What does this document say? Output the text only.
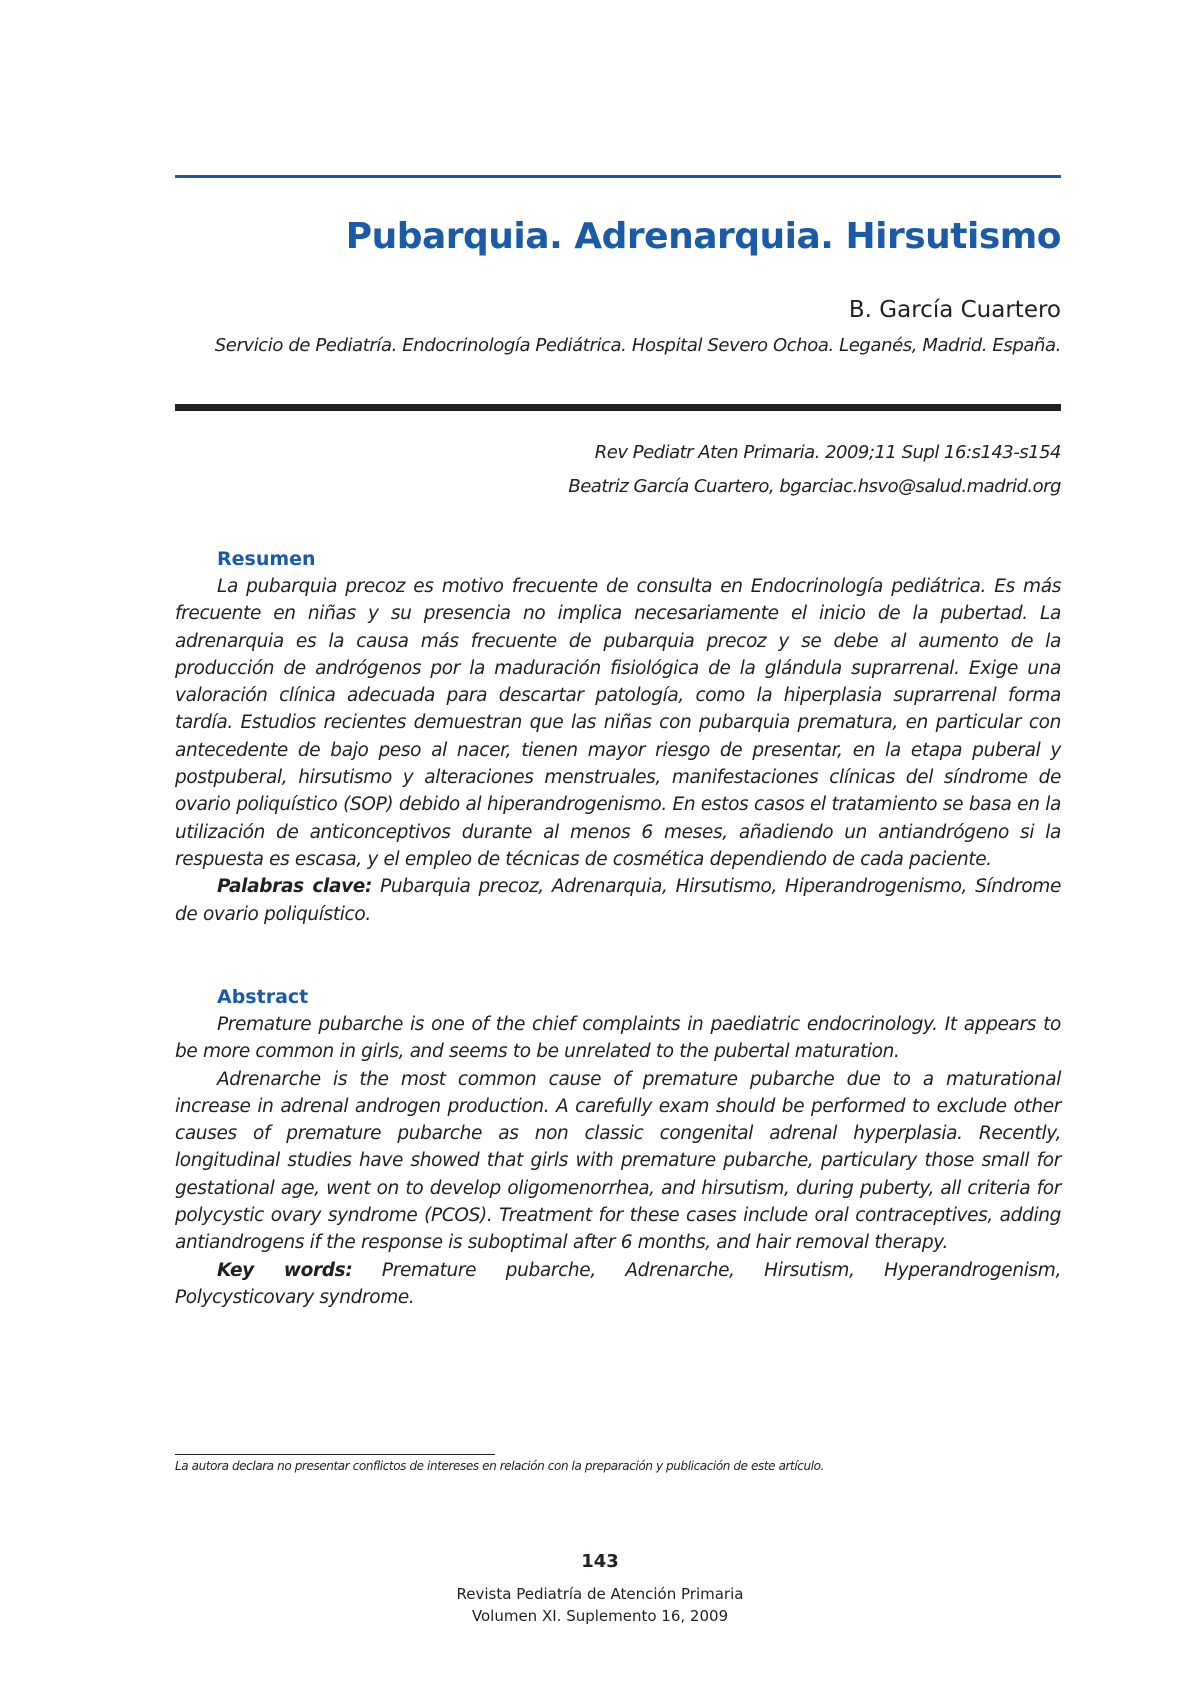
Pubarquia. Adrenarquia. Hirsutismo
B. García Cuartero
Servicio de Pediatría. Endocrinología Pediátrica. Hospital Severo Ochoa. Leganés, Madrid. España.
Rev Pediatr Aten Primaria. 2009;11 Supl 16:s143-s154
Beatriz García Cuartero, bgarciac.hsvo@salud.madrid.org
Resumen

La pubarquia precoz es motivo frecuente de consulta en Endocrinología pediátrica. Es más frecuente en niñas y su presencia no implica necesariamente el inicio de la pubertad. La adrenarquia es la causa más frecuente de pubarquia precoz y se debe al aumento de la producción de andrógenos por la maduración fisiológica de la glándula suprarrenal. Exige una valoración clínica adecuada para descartar patología, como la hiperplasia suprarrenal forma tardía. Estudios recientes demuestran que las niñas con pubarquia prematura, en particular con antecedente de bajo peso al nacer, tienen mayor riesgo de presentar, en la etapa puberal y postpuberal, hirsutismo y alteraciones menstruales, manifestaciones clínicas del síndrome de ovario poliquístico (SOP) debido al hiperandrogenismo. En estos casos el tratamiento se basa en la utilización de anticonceptivos durante al menos 6 meses, añadiendo un antiandrógeno si la respuesta es escasa, y el empleo de técnicas de cosmética dependiendo de cada paciente.

Palabras clave: Pubarquia precoz, Adrenarquia, Hirsutismo, Hiperandrogenismo, Síndrome de ovario poliquístico.

Abstract

Premature pubarche is one of the chief complaints in paediatric endocrinology. It appears to be more common in girls, and seems to be unrelated to the pubertal maturation.

Adrenarche is the most common cause of premature pubarche due to a maturational increase in adrenal androgen production. A carefully exam should be performed to exclude other causes of premature pubarche as non classic congenital adrenal hyperplasia. Recently, longitudinal studies have showed that girls with premature pubarche, particulary those small for gestational age, went on to develop oligomenorrhea, and hirsutism, during puberty, all criteria for polycystic ovary syndrome (PCOS). Treatment for these cases include oral contraceptives, adding antiandrogens if the response is suboptimal after 6 months, and hair removal therapy.

Key words: Premature pubarche, Adrenarche, Hirsutism, Hyperandrogenism, Polycysticovary syndrome.

La autora declara no presentar conflictos de intereses en relación con la preparación y publicación de este artículo.
143
Revista Pediatría de Atención Primaria
Volumen XI. Suplemento 16, 2009
